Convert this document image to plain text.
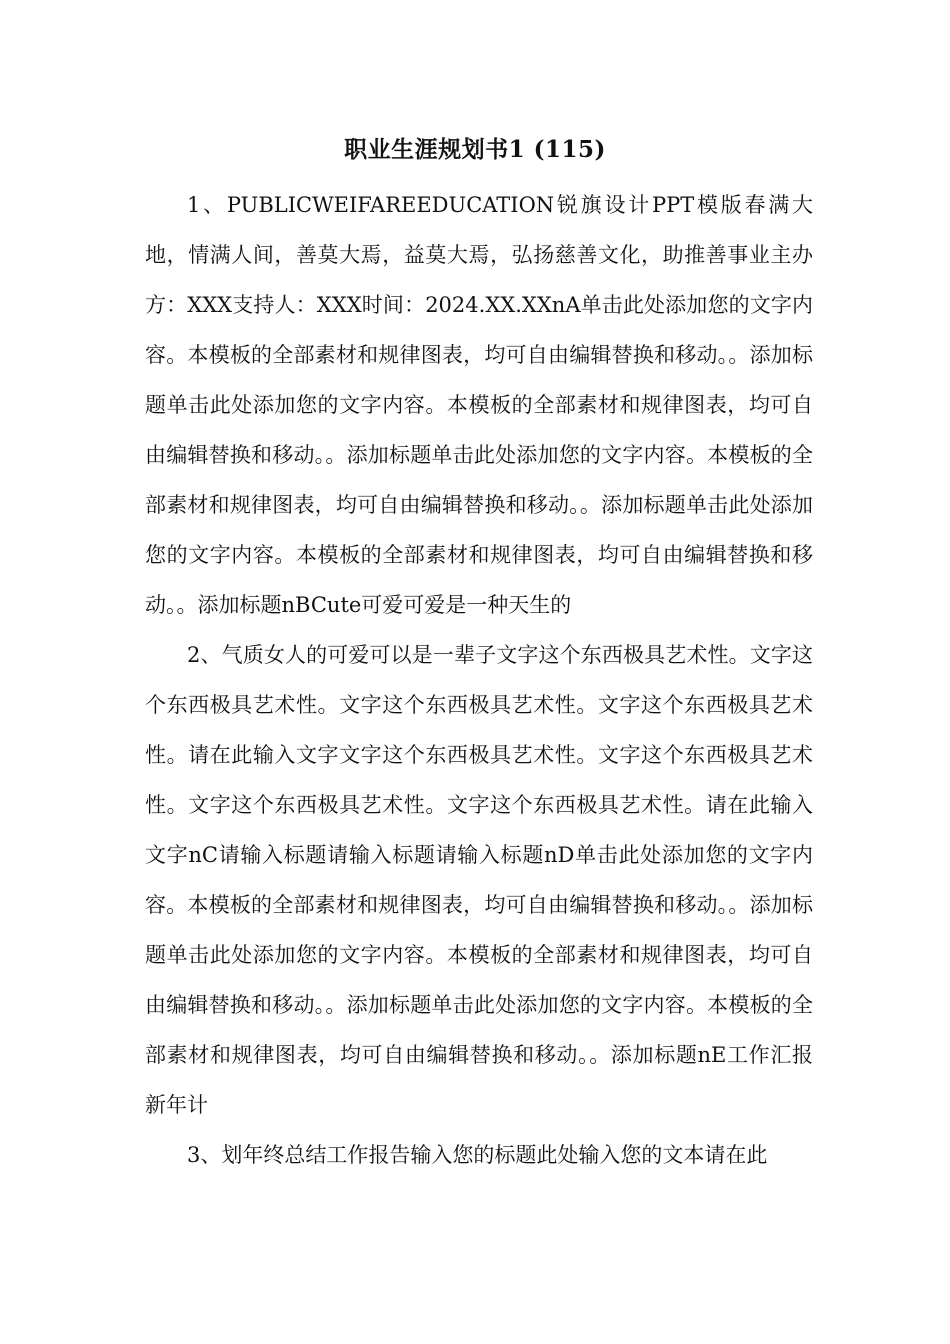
职业生涯规划书1 (115)

1、PUBLICWEIFAREEDUCATION锐旗设计PPT模版春满大地，情满人间，善莫大焉，益莫大焉，弘扬慈善文化，助推善事业主办方：XXX支持人：XXX时间：2024.XX.XXnA单击此处添加您的文字内容。本模板的全部素材和规律图表，均可自由编辑替换和移动。。添加标题单击此处添加您的文字内容。本模板的全部素材和规律图表，均可自由编辑替换和移动。。添加标题单击此处添加您的文字内容。本模板的全部素材和规律图表，均可自由编辑替换和移动。。添加标题单击此处添加您的文字内容。本模板的全部素材和规律图表，均可自由编辑替换和移动。。添加标题nBCute可爱可爱是一种天生的

2、气质女人的可爱可以是一辈子文字这个东西极具艺术性。文字这个东西极具艺术性。文字这个东西极具艺术性。文字这个东西极具艺术性。请在此输入文字文字这个东西极具艺术性。文字这个东西极具艺术性。文字这个东西极具艺术性。文字这个东西极具艺术性。请在此输入文字nC请输入标题请输入标题请输入标题nD单击此处添加您的文字内容。本模板的全部素材和规律图表，均可自由编辑替换和移动。。添加标题单击此处添加您的文字内容。本模板的全部素材和规律图表，均可自由编辑替换和移动。。添加标题单击此处添加您的文字内容。本模板的全部素材和规律图表，均可自由编辑替换和移动。。添加标题nE工作汇报新年计

3、划年终总结工作报告输入您的标题此处输入您的文本请在此
